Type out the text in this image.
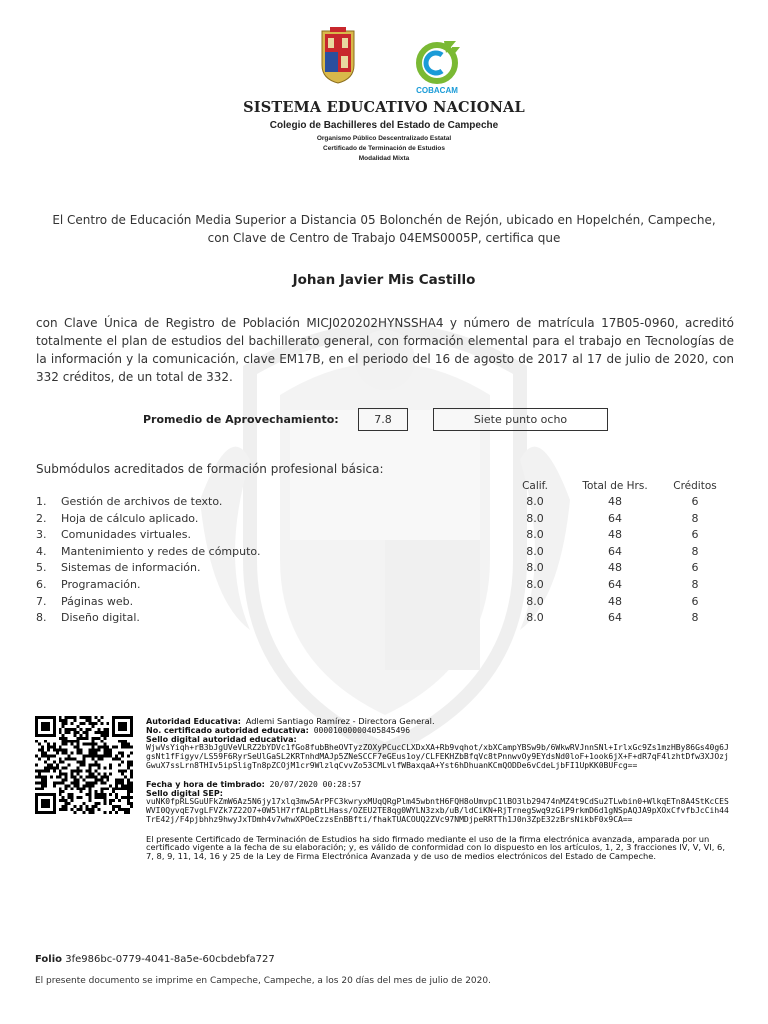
COBACAM
SISTEMA EDUCATIVO NACIONAL
Colegio de Bachilleres del Estado de Campeche
Organismo Público Descentralizado Estatal
Certificado de Terminación de Estudios
Modalidad Mixta
El Centro de Educación Media Superior a Distancia 05 Bolonchén de Rejón, ubicado en Hopelchén, Campeche, con Clave de Centro de Trabajo 04EMS0005P, certifica que
Johan Javier Mis Castillo
con Clave Única de Registro de Población MICJ020202HYNSSHA4 y número de matrícula 17B05-0960, acreditó totalmente el plan de estudios del bachillerato general, con formación elemental para el trabajo en Tecnologías de la información y la comunicación, clave EM17B, en el periodo del 16 de agosto de 2017 al 17 de julio de 2020, con 332 créditos, de un total de 332.
Promedio de Aprovechamiento:	7.8	Siete punto ocho
Submódulos acreditados de formación profesional básica:
Calif.	Total de Hrs.	Créditos
1. Gestión de archivos de texto.	8.0	48	6
2. Hoja de cálculo aplicado.	8.0	64	8
3. Comunidades virtuales.	8.0	48	6
4. Mantenimiento y redes de cómputo.	8.0	64	8
5. Sistemas de información.	8.0	48	6
6. Programación.	8.0	64	8
7. Páginas web.	8.0	48	6
8. Diseño digital.	8.0	64	8
Autoridad Educativa: Adlemi Santiago Ramírez - Directora General.
No. certificado autoridad educativa: 00001000000405845496
Sello digital autoridad educativa:
WjwVsYiqh+rB3bJgUVeVLRZ2bYDVc1fGo8fubBheOVTyzZOXyPCucCLXDxXA+Rb9vqhot/xbXCampYBSw9b/6WkwRVJnnSNl+IrlxGc9Zs1mzHBy86Gs40g6JgsNt1fFigyv/LS59F6RyrSeUlGaSL2KRTnhdMAJp5ZNeSCCF7eGEus1oy/CLFEKHZbBfqVc8tPnnwvOy9EYdsNd0loF+1ook6jX+F+dR7qF4lzhtDfw3XJOzjGwuX7ssLrn8THIv5ipSligTn8pZCOjM1cr9Wlzlq​CvvZo53CMLvlfWBaxqaA+Yst6hDhuanKCmQODDe6vCdeLjbFI1UpKK0BUFcg==
Fecha y hora de timbrado: 20/07/2020 00:28:57
Sello digital SEP:
vuNK0fpRLSGuUFkZmW6Az5N6jy17xlq3mw5ArPFC3kwryxMUqQRgPlm45wbntH6FQH8oUmvpC1lBO3lb29474nMZ4t9CdSu2TLwbin0+WlkqETn8A4StKcCESWVI0QyvqE7vgLFVZk7Z22O7+0W5lH7rfALpBtLHass/OZEU2TE8qg0WYLN3zxb/uB/ldCiKN+RjTrnegSwq9zGiP9rkmD6d1gNSpAQJA9pXOxCfvfbJcCih44TrE42j/F4pjbhhz9hwyJxTDmh4v7whwXPOeCzzsEnBBfti/fhakTUACOUQ2ZVc97NMDjpeRRTTh1J0n3ZpE32zBrsNikbF0x9CA==
El presente Certificado de Terminación de Estudios ha sido firmado mediante el uso de la firma electrónica avanzada, amparada por un certificado vigente a la fecha de su elaboración; y, es válido de conformidad con lo dispuesto en los artículos, 1, 2, 3 fracciones IV, V, VI, 6, 7, 8, 9, 11, 14, 16 y 25 de la Ley de Firma Electrónica Avanzada y de uso de medios electrónicos del Estado de Campeche.
Folio 3fe986bc-0779-4041-8a5e-60cbdebfa727
El presente documento se imprime en Campeche, Campeche, a los 20 días del mes de julio de 2020.
